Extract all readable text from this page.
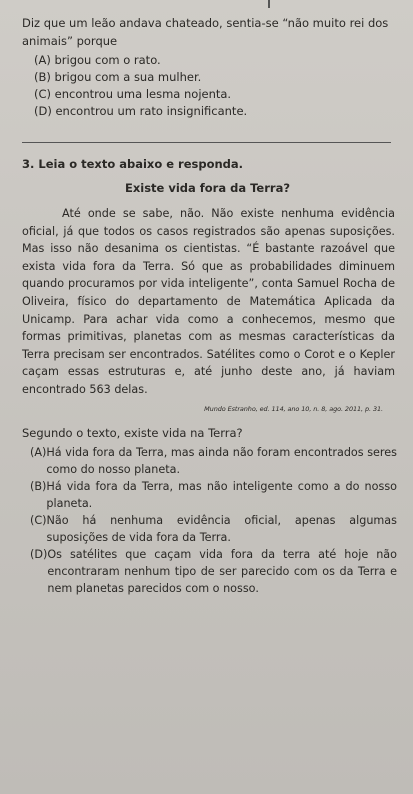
Diz que um leão andava chateado, sentia-se “não muito rei dos animais” porque

(A) brigou com o rato.
(B) brigou com a sua mulher.
(C) encontrou uma lesma nojenta.
(D) encontrou um rato insignificante.

3. Leia o texto abaixo e responda.

Existe vida fora da Terra?

Até onde se sabe, não. Não existe nenhuma evidência oficial, já que todos os casos registrados são apenas suposições. Mas isso não desanima os cientistas. “É bastante razoável que exista vida fora da Terra. Só que as probabilidades diminuem quando procuramos por vida inteligente”, conta Samuel Rocha de Oliveira, físico do departamento de Matemática Aplicada da Unicamp. Para achar vida como a conhecemos, mesmo que formas primitivas, planetas com as mesmas características da Terra precisam ser encontrados. Satélites como o Corot e o Kepler caçam essas estruturas e, até junho deste ano, já haviam encontrado 563 delas.

Mundo Estranho, ed. 114, ano 10, n. 8, ago. 2011, p. 31.

Segundo o texto, existe vida na Terra?

(A) Há vida fora da Terra, mas ainda não foram encontrados seres como do nosso planeta.
(B) Há vida fora da Terra, mas não inteligente como a do nosso planeta.
(C) Não há nenhuma evidência oficial, apenas algumas suposições de vida fora da Terra.
(D) Os satélites que caçam vida fora da terra até hoje não encontraram nenhum tipo de ser parecido com os da Terra e nem planetas parecidos com o nosso.
